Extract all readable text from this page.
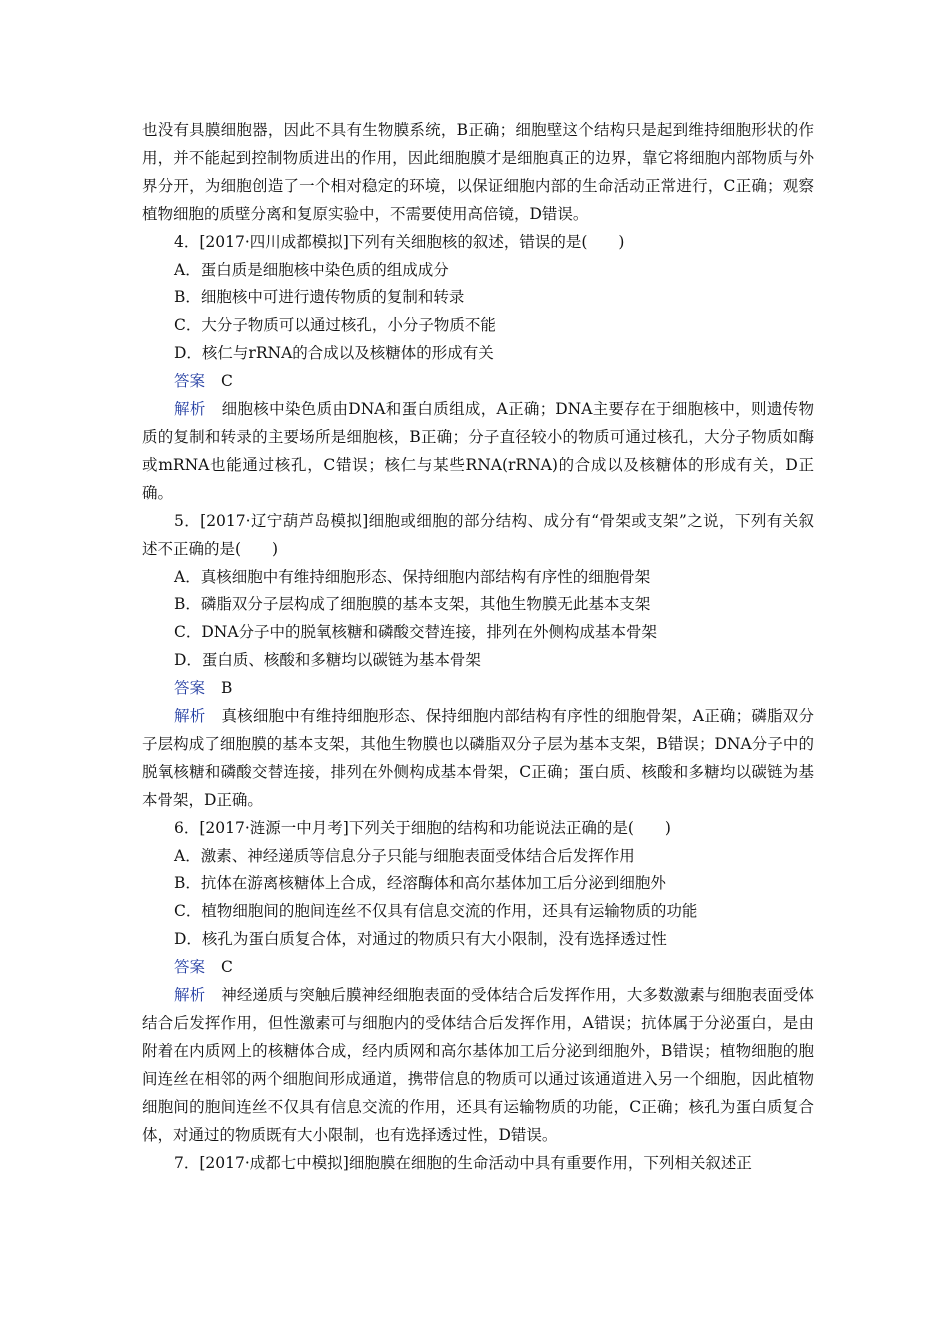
也没有具膜细胞器，因此不具有生物膜系统，B正确；细胞壁这个结构只是起到维持细胞形状的作用，并不能起到控制物质进出的作用，因此细胞膜才是细胞真正的边界，靠它将细胞内部物质与外界分开，为细胞创造了一个相对稳定的环境，以保证细胞内部的生命活动正常进行，C正确；观察植物细胞的质壁分离和复原实验中，不需要使用高倍镜，D错误。

4．[2017·四川成都模拟]下列有关细胞核的叙述，错误的是(　　)

A．蛋白质是细胞核中染色质的组成成分

B．细胞核中可进行遗传物质的复制和转录

C．大分子物质可以通过核孔，小分子物质不能

D．核仁与rRNA的合成以及核糖体的形成有关

答案 C

解析 细胞核中染色质由DNA和蛋白质组成，A正确；DNA主要存在于细胞核中，则遗传物质的复制和转录的主要场所是细胞核，B正确；分子直径较小的物质可通过核孔，大分子物质如酶或mRNA也能通过核孔，C错误；核仁与某些RNA(rRNA)的合成以及核糖体的形成有关，D正确。

5．[2017·辽宁葫芦岛模拟]细胞或细胞的部分结构、成分有“骨架或支架”之说，下列有关叙述不正确的是(　　)

A．真核细胞中有维持细胞形态、保持细胞内部结构有序性的细胞骨架

B．磷脂双分子层构成了细胞膜的基本支架，其他生物膜无此基本支架

C．DNA分子中的脱氧核糖和磷酸交替连接，排列在外侧构成基本骨架

D．蛋白质、核酸和多糖均以碳链为基本骨架

答案 B

解析 真核细胞中有维持细胞形态、保持细胞内部结构有序性的细胞骨架，A正确；磷脂双分子层构成了细胞膜的基本支架，其他生物膜也以磷脂双分子层为基本支架，B错误；DNA分子中的脱氧核糖和磷酸交替连接，排列在外侧构成基本骨架，C正确；蛋白质、核酸和多糖均以碳链为基本骨架，D正确。

6．[2017·涟源一中月考]下列关于细胞的结构和功能说法正确的是(　　)

A．激素、神经递质等信息分子只能与细胞表面受体结合后发挥作用

B．抗体在游离核糖体上合成，经溶酶体和高尔基体加工后分泌到细胞外

C．植物细胞间的胞间连丝不仅具有信息交流的作用，还具有运输物质的功能

D．核孔为蛋白质复合体，对通过的物质只有大小限制，没有选择透过性

答案 C

解析 神经递质与突触后膜神经细胞表面的受体结合后发挥作用，大多数激素与细胞表面受体结合后发挥作用，但性激素可与细胞内的受体结合后发挥作用，A错误；抗体属于分泌蛋白，是由附着在内质网上的核糖体合成，经内质网和高尔基体加工后分泌到细胞外，B错误；植物细胞的胞间连丝在相邻的两个细胞间形成通道，携带信息的物质可以通过该通道进入另一个细胞，因此植物细胞间的胞间连丝不仅具有信息交流的作用，还具有运输物质的功能，C正确；核孔为蛋白质复合体，对通过的物质既有大小限制，也有选择透过性，D错误。

7．[2017·成都七中模拟]细胞膜在细胞的生命活动中具有重要作用，下列相关叙述正
